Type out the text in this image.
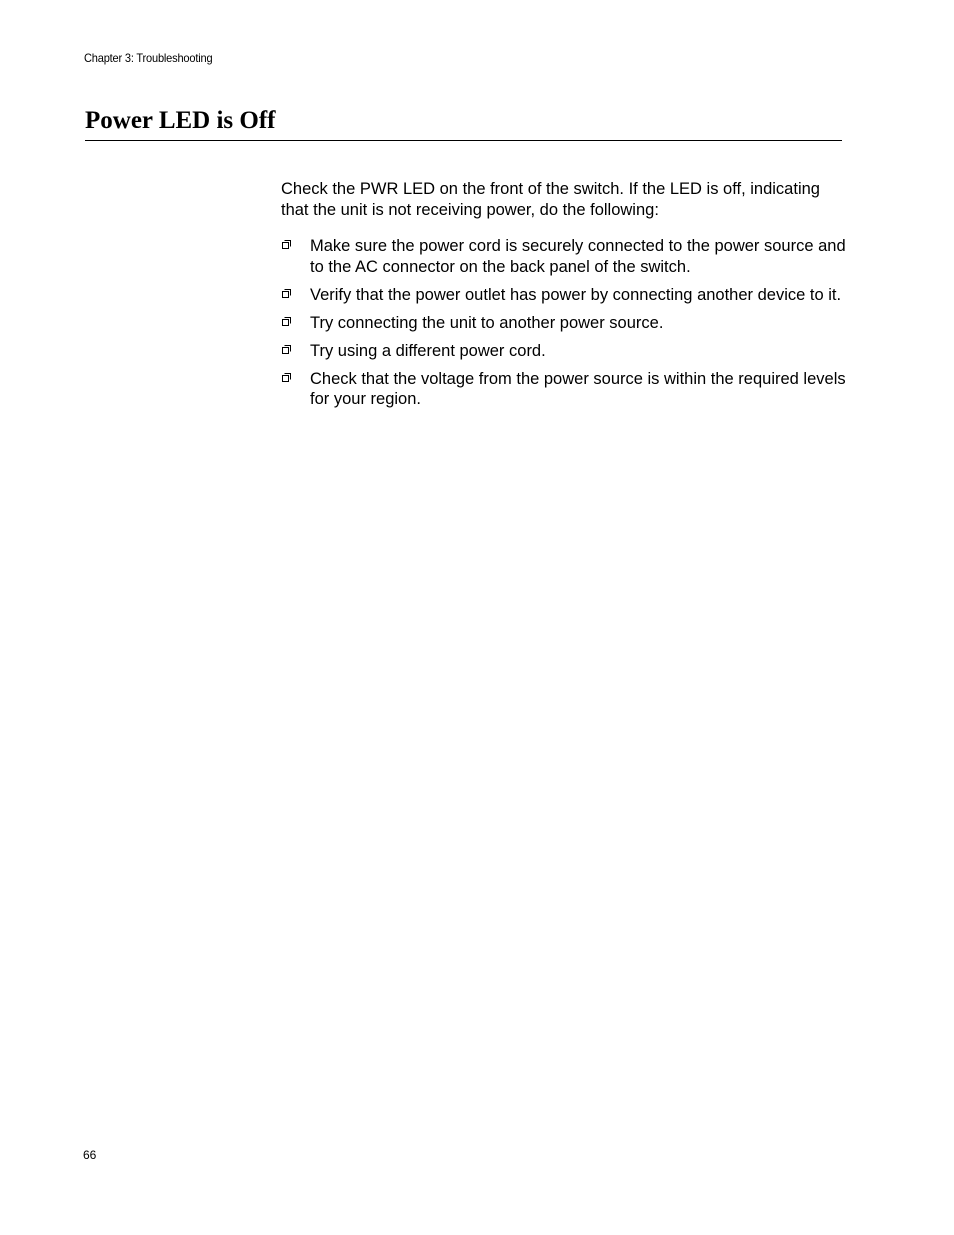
Chapter 3: Troubleshooting
Power LED is Off

Check the PWR LED on the front of the switch. If the LED is off, indicating that the unit is not receiving power, do the following:

Make sure the power cord is securely connected to the power source and to the AC connector on the back panel of the switch.
Verify that the power outlet has power by connecting another device to it.
Try connecting the unit to another power source.
Try using a different power cord.
Check that the voltage from the power source is within the required levels for your region.
66
